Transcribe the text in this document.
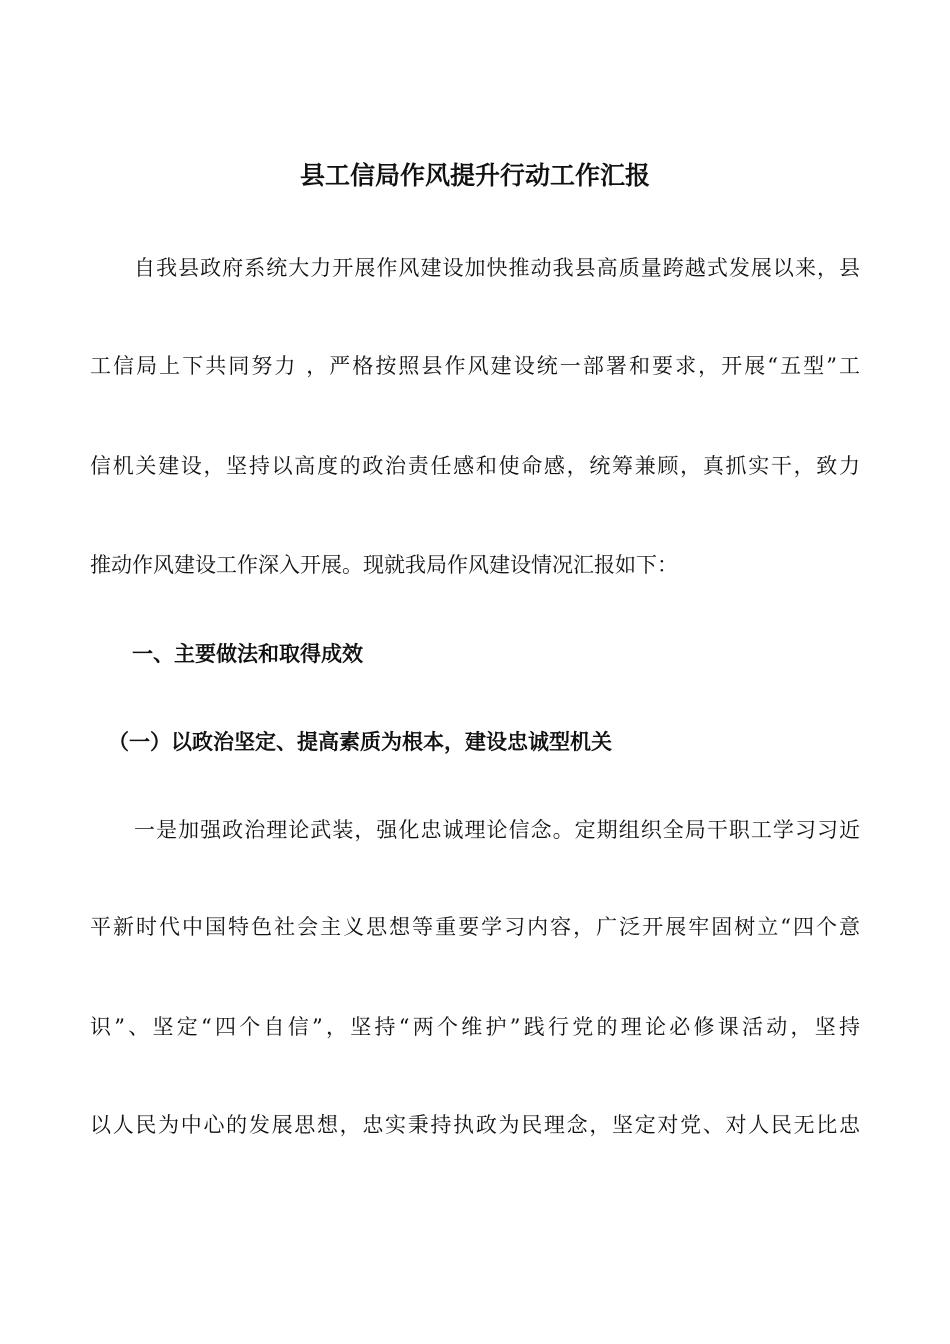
县工信局作风提升行动工作汇报
　　自我县政府系统大力开展作风建设加快推动我县高质量跨越式发展以来，县
工信局上下共同努力 ，严格按照县作风建设统一部署和要求，开展“五型”工
信机关建设，坚持以高度的政治责任感和使命感，统筹兼顾，真抓实干，致力
推动作风建设工作深入开展。现就我局作风建设情况汇报如下：
　　一、主要做法和取得成效
（一）以政治坚定、提高素质为根本，建设忠诚型机关
　　一是加强政治理论武装，强化忠诚理论信念。定期组织全局干职工学习习近
平新时代中国特色社会主义思想等重要学习内容，广泛开展牢固树立“四个意
识”、坚定“四个自信”，坚持“两个维护”践行党的理论必修课活动，坚持
以人民为中心的发展思想，忠实秉持执政为民理念，坚定对党、对人民无比忠
